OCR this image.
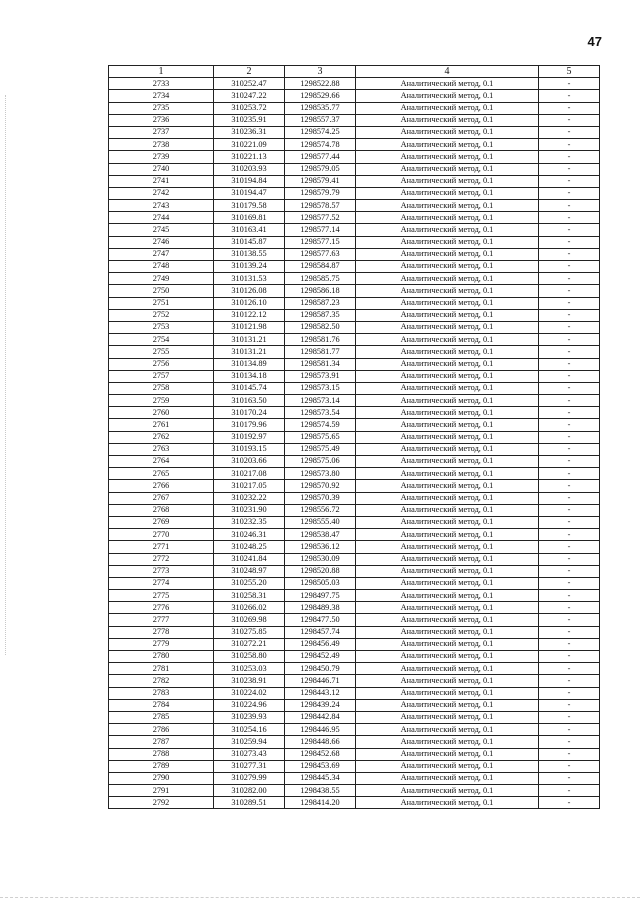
47
1	2	3	4	5
2733	310252.47	1298522.88	Аналитический метод, 0.1	-
2734	310247.22	1298529.66	Аналитический метод, 0.1	-
2735	310253.72	1298535.77	Аналитический метод, 0.1	-
2736	310235.91	1298557.37	Аналитический метод, 0.1	-
2737	310236.31	1298574.25	Аналитический метод, 0.1	-
2738	310221.09	1298574.78	Аналитический метод, 0.1	-
2739	310221.13	1298577.44	Аналитический метод, 0.1	-
2740	310203.93	1298579.05	Аналитический метод, 0.1	-
2741	310194.84	1298579.41	Аналитический метод, 0.1	-
2742	310194.47	1298579.79	Аналитический метод, 0.1	-
2743	310179.58	1298578.57	Аналитический метод, 0.1	-
2744	310169.81	1298577.52	Аналитический метод, 0.1	-
2745	310163.41	1298577.14	Аналитический метод, 0.1	-
2746	310145.87	1298577.15	Аналитический метод, 0.1	-
2747	310138.55	1298577.63	Аналитический метод, 0.1	-
2748	310139.24	1298584.87	Аналитический метод, 0.1	-
2749	310131.53	1298585.75	Аналитический метод, 0.1	-
2750	310126.08	1298586.18	Аналитический метод, 0.1	-
2751	310126.10	1298587.23	Аналитический метод, 0.1	-
2752	310122.12	1298587.35	Аналитический метод, 0.1	-
2753	310121.98	1298582.50	Аналитический метод, 0.1	-
2754	310131.21	1298581.76	Аналитический метод, 0.1	-
2755	310131.21	1298581.77	Аналитический метод, 0.1	-
2756	310134.89	1298581.34	Аналитический метод, 0.1	-
2757	310134.18	1298573.91	Аналитический метод, 0.1	-
2758	310145.74	1298573.15	Аналитический метод, 0.1	-
2759	310163.50	1298573.14	Аналитический метод, 0.1	-
2760	310170.24	1298573.54	Аналитический метод, 0.1	-
2761	310179.96	1298574.59	Аналитический метод, 0.1	-
2762	310192.97	1298575.65	Аналитический метод, 0.1	-
2763	310193.15	1298575.49	Аналитический метод, 0.1	-
2764	310203.66	1298575.06	Аналитический метод, 0.1	-
2765	310217.08	1298573.80	Аналитический метод, 0.1	-
2766	310217.05	1298570.92	Аналитический метод, 0.1	-
2767	310232.22	1298570.39	Аналитический метод, 0.1	-
2768	310231.90	1298556.72	Аналитический метод, 0.1	-
2769	310232.35	1298555.40	Аналитический метод, 0.1	-
2770	310246.31	1298538.47	Аналитический метод, 0.1	-
2771	310248.25	1298536.12	Аналитический метод, 0.1	-
2772	310241.84	1298530.09	Аналитический метод, 0.1	-
2773	310248.97	1298520.88	Аналитический метод, 0.1	-
2774	310255.20	1298505.03	Аналитический метод, 0.1	-
2775	310258.31	1298497.75	Аналитический метод, 0.1	-
2776	310266.02	1298489.38	Аналитический метод, 0.1	-
2777	310269.98	1298477.50	Аналитический метод, 0.1	-
2778	310275.85	1298457.74	Аналитический метод, 0.1	-
2779	310272.21	1298456.49	Аналитический метод, 0.1	-
2780	310258.80	1298452.49	Аналитический метод, 0.1	-
2781	310253.03	1298450.79	Аналитический метод, 0.1	-
2782	310238.91	1298446.71	Аналитический метод, 0.1	-
2783	310224.02	1298443.12	Аналитический метод, 0.1	-
2784	310224.96	1298439.24	Аналитический метод, 0.1	-
2785	310239.93	1298442.84	Аналитический метод, 0.1	-
2786	310254.16	1298446.95	Аналитический метод, 0.1	-
2787	310259.94	1298448.66	Аналитический метод, 0.1	-
2788	310273.43	1298452.68	Аналитический метод, 0.1	-
2789	310277.31	1298453.69	Аналитический метод, 0.1	-
2790	310279.99	1298445.34	Аналитический метод, 0.1	-
2791	310282.00	1298438.55	Аналитический метод, 0.1	-
2792	310289.51	1298414.20	Аналитический метод, 0.1	-
